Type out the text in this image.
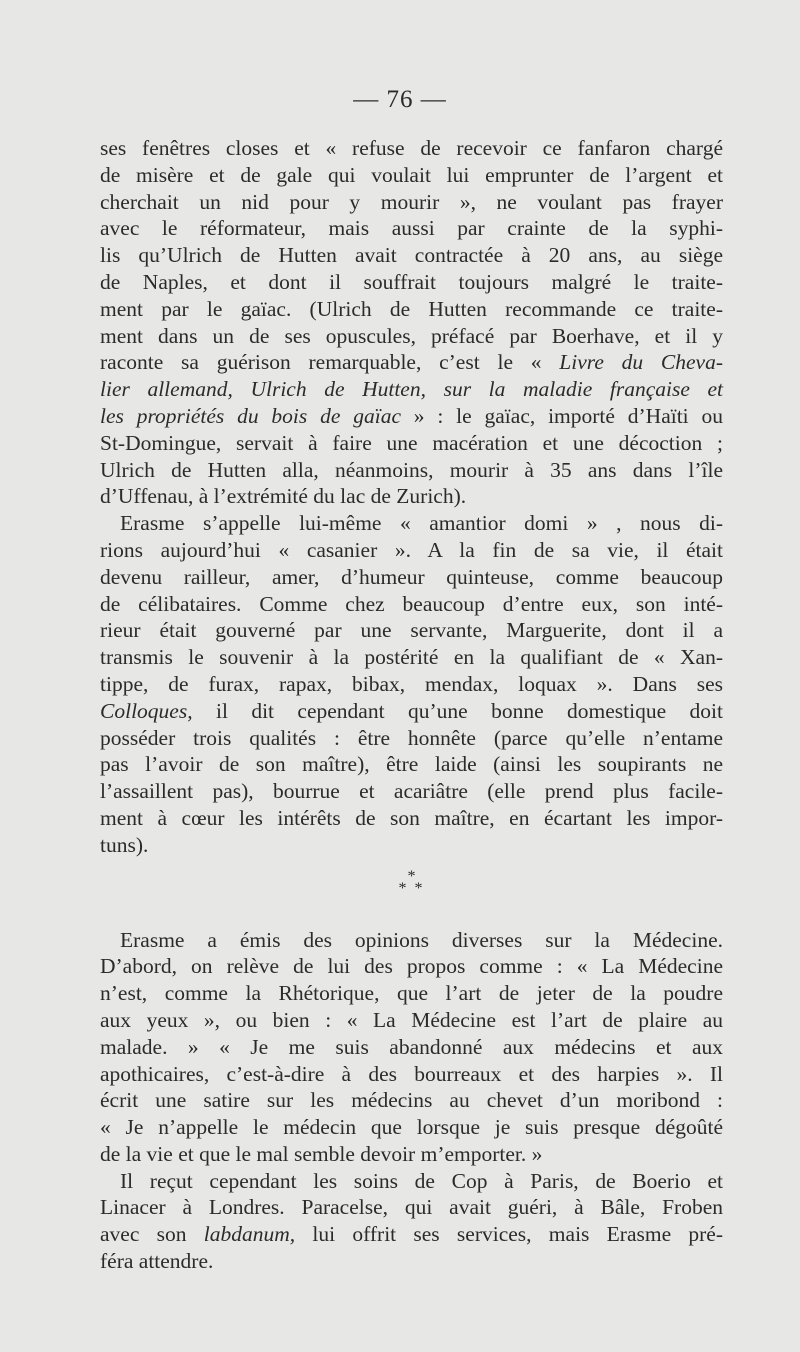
— 76 —
ses fenêtres closes et « refuse de recevoir ce fanfaron chargé
de misère et de gale qui voulait lui emprunter de l’argent et
cherchait un nid pour y mourir », ne voulant pas frayer
avec le réformateur, mais aussi par crainte de la syphi-
lis qu’Ulrich de Hutten avait contractée à 20 ans, au siège
de Naples, et dont il souffrait toujours malgré le traite-
ment par le gaïac. (Ulrich de Hutten recommande ce traite-
ment dans un de ses opuscules, préfacé par Boerhave, et il y
raconte sa guérison remarquable, c’est le « Livre du Cheva-
lier allemand, Ulrich de Hutten, sur la maladie française et
les propriétés du bois de gaïac » : le gaïac, importé d’Haïti ou
St-Domingue, servait à faire une macération et une décoction ;
Ulrich de Hutten alla, néanmoins, mourir à 35 ans dans l’île
d’Uffenau, à l’extrémité du lac de Zurich).
Erasme s’appelle lui-même « amantior domi » , nous di-
rions aujourd’hui « casanier ». A la fin de sa vie, il était
devenu railleur, amer, d’humeur quinteuse, comme beaucoup
de célibataires. Comme chez beaucoup d’entre eux, son inté-
rieur était gouverné par une servante, Marguerite, dont il a
transmis le souvenir à la postérité en la qualifiant de « Xan-
tippe, de furax, rapax, bibax, mendax, loquax ». Dans ses
Colloques, il dit cependant qu’une bonne domestique doit
posséder trois qualités : être honnête (parce qu’elle n’entame
pas l’avoir de son maître), être laide (ainsi les soupirants ne
l’assaillent pas), bourrue et acariâtre (elle prend plus facile-
ment à cœur les intérêts de son maître, en écartant les impor-
tuns).
*
* *
Erasme a émis des opinions diverses sur la Médecine.
D’abord, on relève de lui des propos comme : « La Médecine
n’est, comme la Rhétorique, que l’art de jeter de la poudre
aux yeux », ou bien : « La Médecine est l’art de plaire au
malade. » « Je me suis abandonné aux médecins et aux
apothicaires, c’est-à-dire à des bourreaux et des harpies ». Il
écrit une satire sur les médecins au chevet d’un moribond :
« Je n’appelle le médecin que lorsque je suis presque dégoûté
de la vie et que le mal semble devoir m’emporter. »
Il reçut cependant les soins de Cop à Paris, de Boerio et
Linacer à Londres. Paracelse, qui avait guéri, à Bâle, Froben
avec son labdanum, lui offrit ses services, mais Erasme pré-
féra attendre.
